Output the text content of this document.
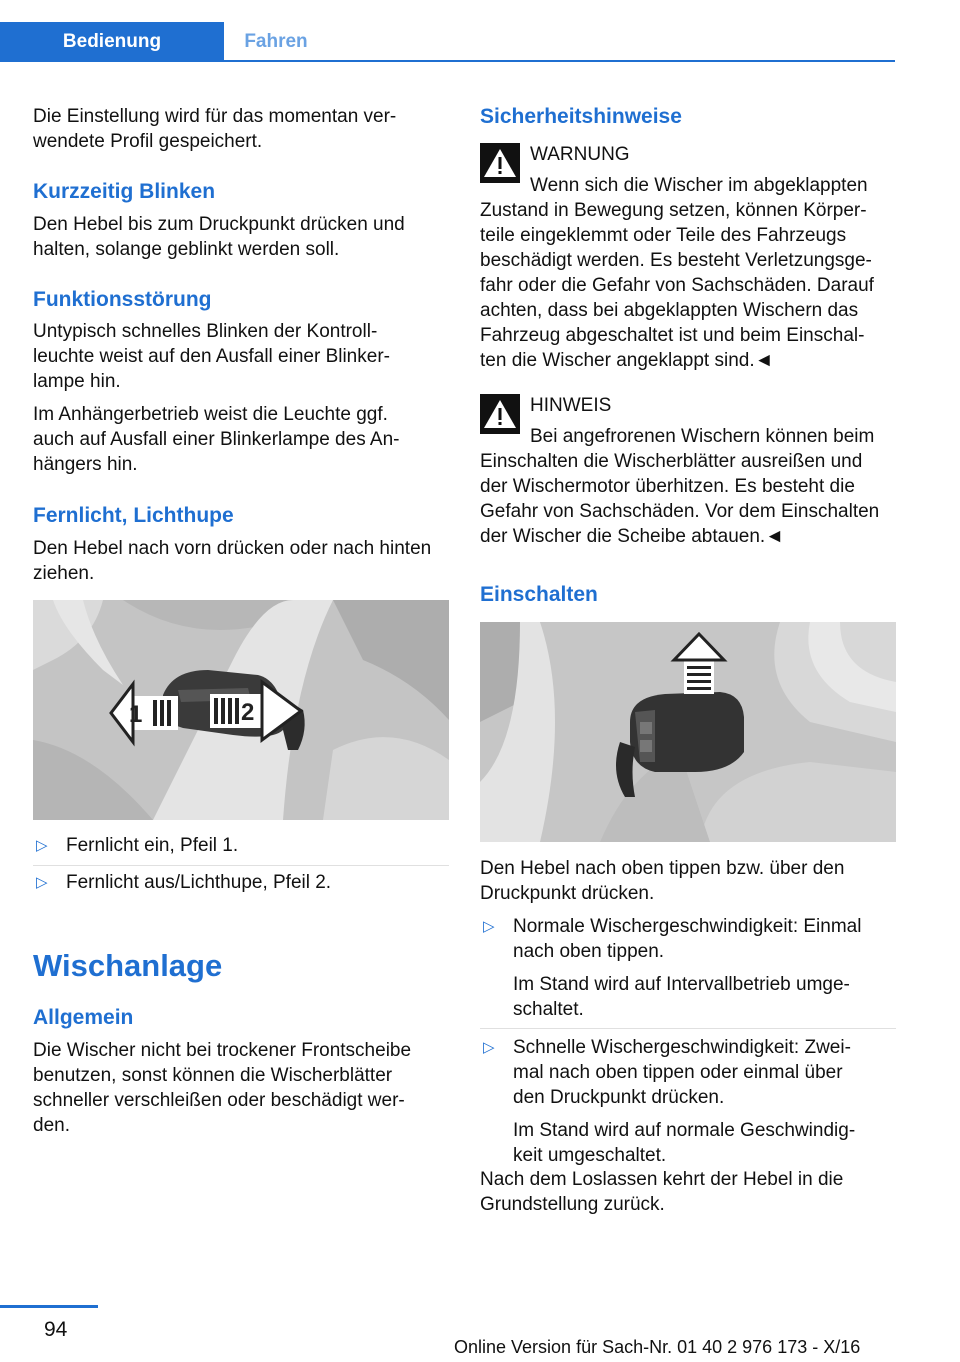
Bedienung	Fahren

Die Einstellung wird für das momentan ver-

wendete Profil gespeichert.

Kurzzeitig Blinken

Den Hebel bis zum Druckpunkt drücken und

halten, solange geblinkt werden soll.

Funktionsstörung

Untypisch schnelles Blinken der Kontroll-

leuchte weist auf den Ausfall einer Blinker-

lampe hin.

Im Anhängerbetrieb weist die Leuchte ggf.

auch auf Ausfall einer Blinkerlampe des An-

hängers hin.

Fernlicht, Lichthupe

Den Hebel nach vorn drücken oder nach hinten

ziehen.

1	2
▷ Fernlicht ein, Pfeil 1.
▷ Fernlicht aus/Lichthupe, Pfeil 2.
Wischanlage
Allgemein

Die Wischer nicht bei trockener Frontscheibe

benutzen, sonst können die Wischerblätter

schneller verschleißen oder beschädigt wer-

den.

Sicherheitshinweise

WARNUNG

Wenn sich die Wischer im abgeklappten

Zustand in Bewegung setzen, können Körper-

teile eingeklemmt oder Teile des Fahrzeugs

beschädigt werden. Es besteht Verletzungsge-

fahr oder die Gefahr von Sachschäden. Darauf

achten, dass bei abgeklappten Wischern das

Fahrzeug abgeschaltet ist und beim Einschal-

ten die Wischer angeklappt sind.◄

HINWEIS

Bei angefrorenen Wischern können beim

Einschalten die Wischerblätter ausreißen und

der Wischermotor überhitzen. Es besteht die

Gefahr von Sachschäden. Vor dem Einschalten

der Wischer die Scheibe abtauen.◄

Einschalten

Den Hebel nach oben tippen bzw. über den

Druckpunkt drücken.

▷ Normale Wischergeschwindigkeit: Einmal
nach oben tippen.
Im Stand wird auf Intervallbetrieb umge-
schaltet.
▷ Schnelle Wischergeschwindigkeit: Zwei-
mal nach oben tippen oder einmal über
den Druckpunkt drücken.
Im Stand wird auf normale Geschwindig-
keit umgeschaltet.

Nach dem Loslassen kehrt der Hebel in die

Grundstellung zurück.

94
Online Version für Sach-Nr. 01 40 2 976 173 - X/16
